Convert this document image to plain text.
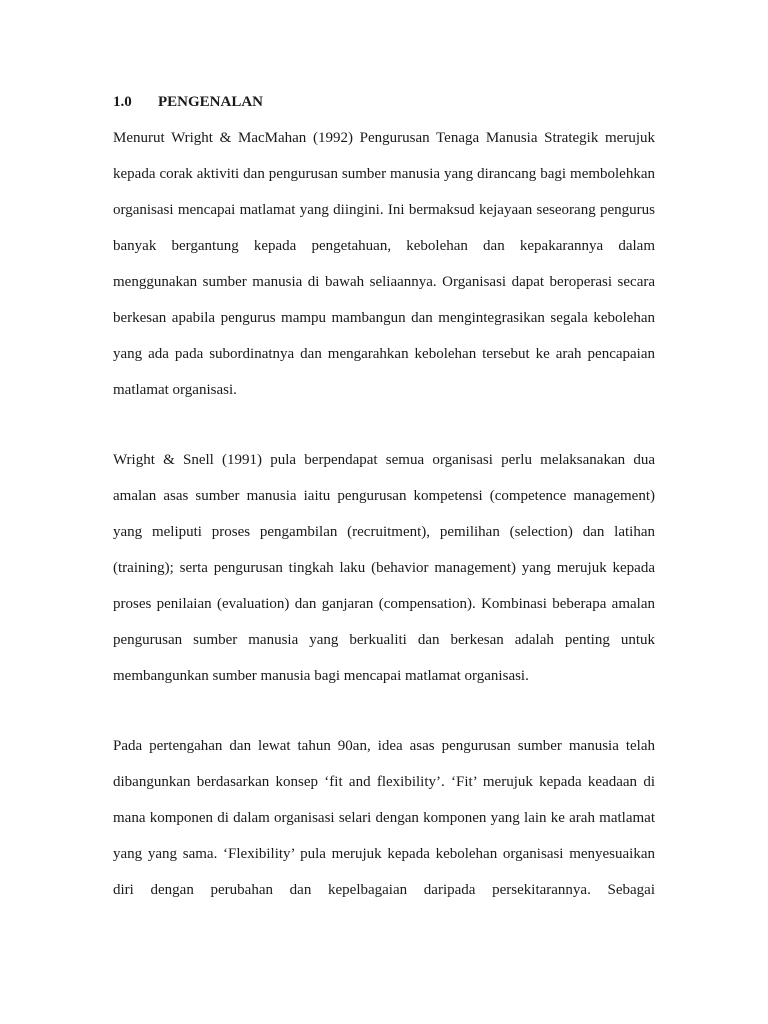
1.0 PENGENALAN
Menurut Wright & MacMahan (1992) Pengurusan Tenaga Manusia Strategik merujuk
kepada corak aktiviti dan pengurusan sumber manusia yang dirancang bagi membolehkan
organisasi mencapai matlamat yang diingini. Ini bermaksud kejayaan seseorang pengurus
banyak bergantung kepada pengetahuan, kebolehan dan kepakarannya dalam
menggunakan sumber manusia di bawah seliaannya. Organisasi dapat beroperasi secara
berkesan apabila pengurus mampu mambangun dan mengintegrasikan segala kebolehan
yang ada pada subordinatnya dan mengarahkan kebolehan tersebut ke arah pencapaian
matlamat organisasi.
Wright & Snell (1991) pula berpendapat semua organisasi perlu melaksanakan dua
amalan asas sumber manusia iaitu pengurusan kompetensi (competence management)
yang meliputi proses pengambilan (recruitment), pemilihan (selection) dan latihan
(training); serta pengurusan tingkah laku (behavior management) yang merujuk kepada
proses penilaian (evaluation) dan ganjaran (compensation). Kombinasi beberapa amalan
pengurusan sumber manusia yang berkualiti dan berkesan adalah penting untuk
membangunkan sumber manusia bagi mencapai matlamat organisasi.
Pada pertengahan dan lewat tahun 90an, idea asas pengurusan sumber manusia telah
dibangunkan berdasarkan konsep ‘fit and flexibility’. ‘Fit’ merujuk kepada keadaan di
mana komponen di dalam organisasi selari dengan komponen yang lain ke arah matlamat
yang yang sama. ‘Flexibility’ pula merujuk kepada kebolehan organisasi menyesuaikan
diri dengan perubahan dan kepelbagaian daripada persekitarannya. Sebagai
